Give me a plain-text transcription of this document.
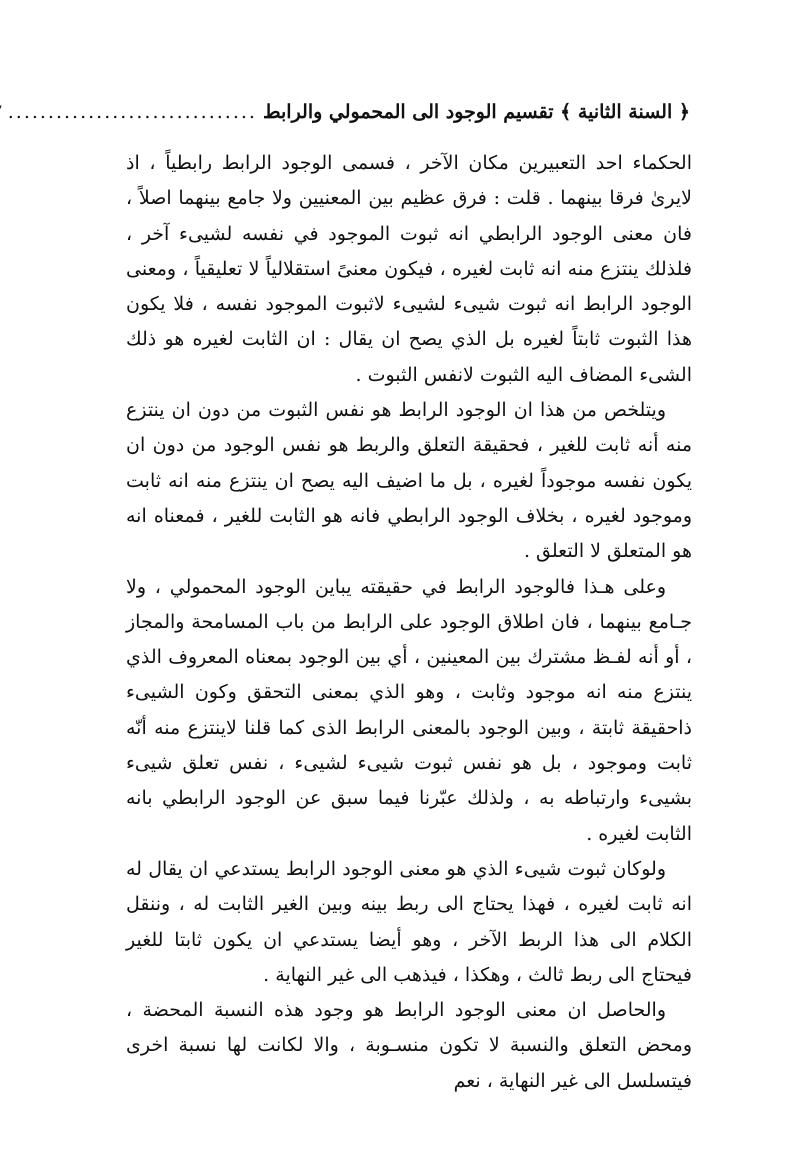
﴿ السنة الثانية ﴾ تقسيم الوجود الى المحمولي والرابط
...............................

الحكماء احد التعبيرين مكان الآخر ، فسمى الوجود الرابط رابطياً ، اذ لايرىٰ فرقا بينهما . قلت : فرق عظيم بين المعنيين ولا جامع بينهما اصلاً ، فان معنى الوجود الرابطي انه ثبوت الموجود في نفسه لشيىء آخر ، فلذلك ينتزع منه انه ثابت لغيره ، فيكون معنىً استقلالياً لا تعليقياً ، ومعنى الوجود الرابط انه ثبوت شيىء لشيىء لاثبوت الموجود نفسه ، فلا يكون هذا الثبوت ثابتاً لغيره بل الذي يصح ان يقال : ان الثابت لغيره هو ذلك الشىء المضاف اليه الثبوت لانفس الثبوت .

ويتلخص من هذا ان الوجود الرابط هو نفس الثبوت من دون ان ينتزع منه أنه ثابت للغير ، فحقيقة التعلق والربط هو نفس الوجود من دون ان يكون نفسه موجوداً لغيره ، بل ما اضيف اليه يصح ان ينتزع منه انه ثابت وموجود لغيره ، بخلاف الوجود الرابطي فانه هو الثابت للغير ، فمعناه انه هو المتعلق لا التعلق .

وعلى هـذا فالوجود الرابط في حقيقته يباين الوجود المحمولي ، ولا جـامع بينهما ، فان اطلاق الوجود على الرابط من باب المسامحة والمجاز ، أو أنه لفـظ مشترك بين المعينين ، أي بين الوجود بمعناه المعروف الذي ينتزع منه انه موجود وثابت ، وهو الذي بمعنى التحقق وكون الشيىء ذاحقيقة ثابتة ، وبين الوجود بالمعنى الرابط الذى كما قلنا لاينتزع منه أنّه ثابت وموجود ، بل هو نفس ثبوت شيىء لشيىء ، نفس تعلق شيىء بشيىء وارتباطه به ، ولذلك عبّرنا فيما سبق عن الوجود الرابطي بانه الثابت لغيره .

ولوكان ثبوت شيىء الذي هو معنى الوجود الرابط يستدعي ان يقال له انه ثابت لغيره ، فهذا يحتاج الى ربط بينه وبين الغير الثابت له ، وننقل الكلام الى هذا الربط الآخر ، وهو أيضا يستدعي ان يكون ثابتا للغير فيحتاج الى ربط ثالث ، وهكذا ، فيذهب الى غير النهاية .

والحاصل ان معنى الوجود الرابط هو وجود هذه النسبة المحضة ، ومحض التعلق والنسبة لا تكون منسـوبة ، والا لكانت لها نسبة اخرى فيتسلسل الى غير النهاية ، نعم
